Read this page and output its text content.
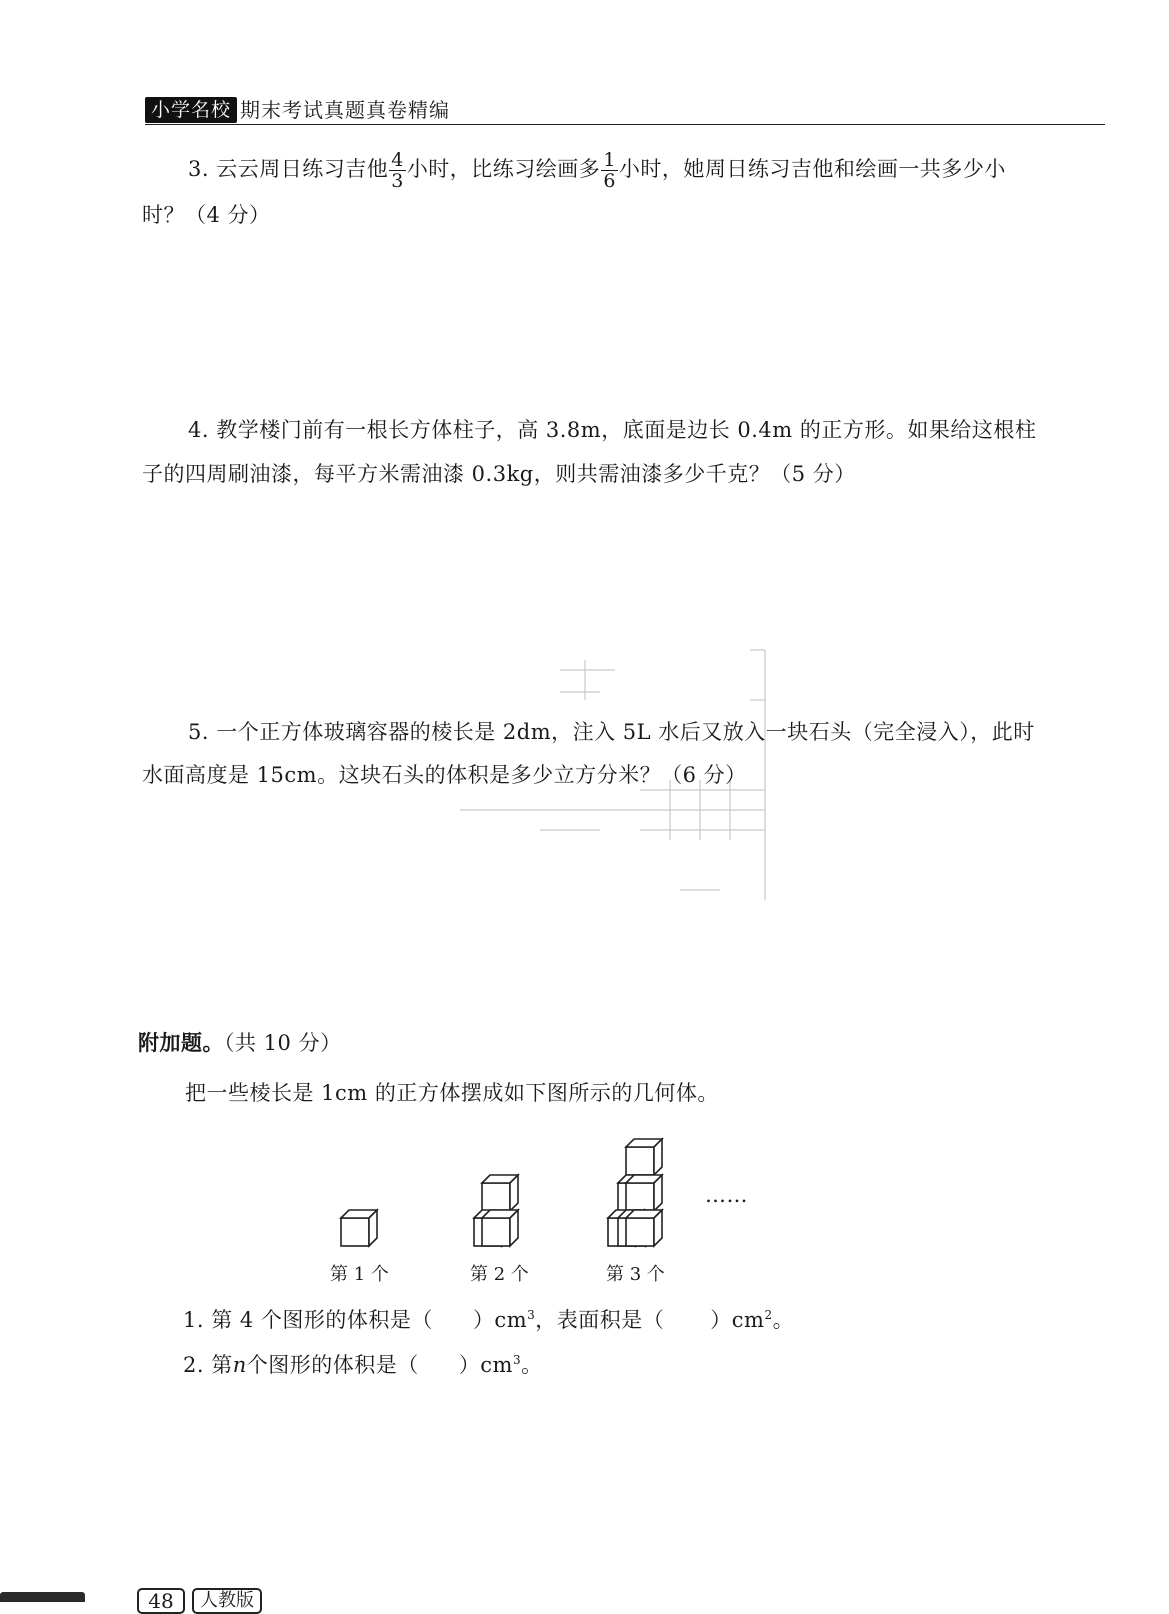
小学名校 期末考试真题真卷精编
3. 云云周日练习吉他 $\frac{4}{3}$ 小时，比练习绘画多 $\frac{1}{6}$ 小时，她周日练习吉他和绘画一共多少小
时？（4 分）
4. 教学楼门前有一根长方体柱子，高 3.8m，底面是边长 0.4m 的正方形。如果给这根柱
子的四周刷油漆，每平方米需油漆 0.3kg，则共需油漆多少千克？（5 分）
5. 一个正方体玻璃容器的棱长是 2dm，注入 5L 水后又放入一块石头（完全浸入），此时
水面高度是 15cm。这块石头的体积是多少立方分米？（6 分）
附加题。（共 10 分）
把一些棱长是 1cm 的正方体摆成如下图所示的几何体。
……
第 1 个	第 2 个	第 3 个
1. 第 4 个图形的体积是（ ）$cm^3$，表面积是（ ）$cm^2$。
2. 第n个图形的体积是（ ）$cm^3$。
48	人教版
